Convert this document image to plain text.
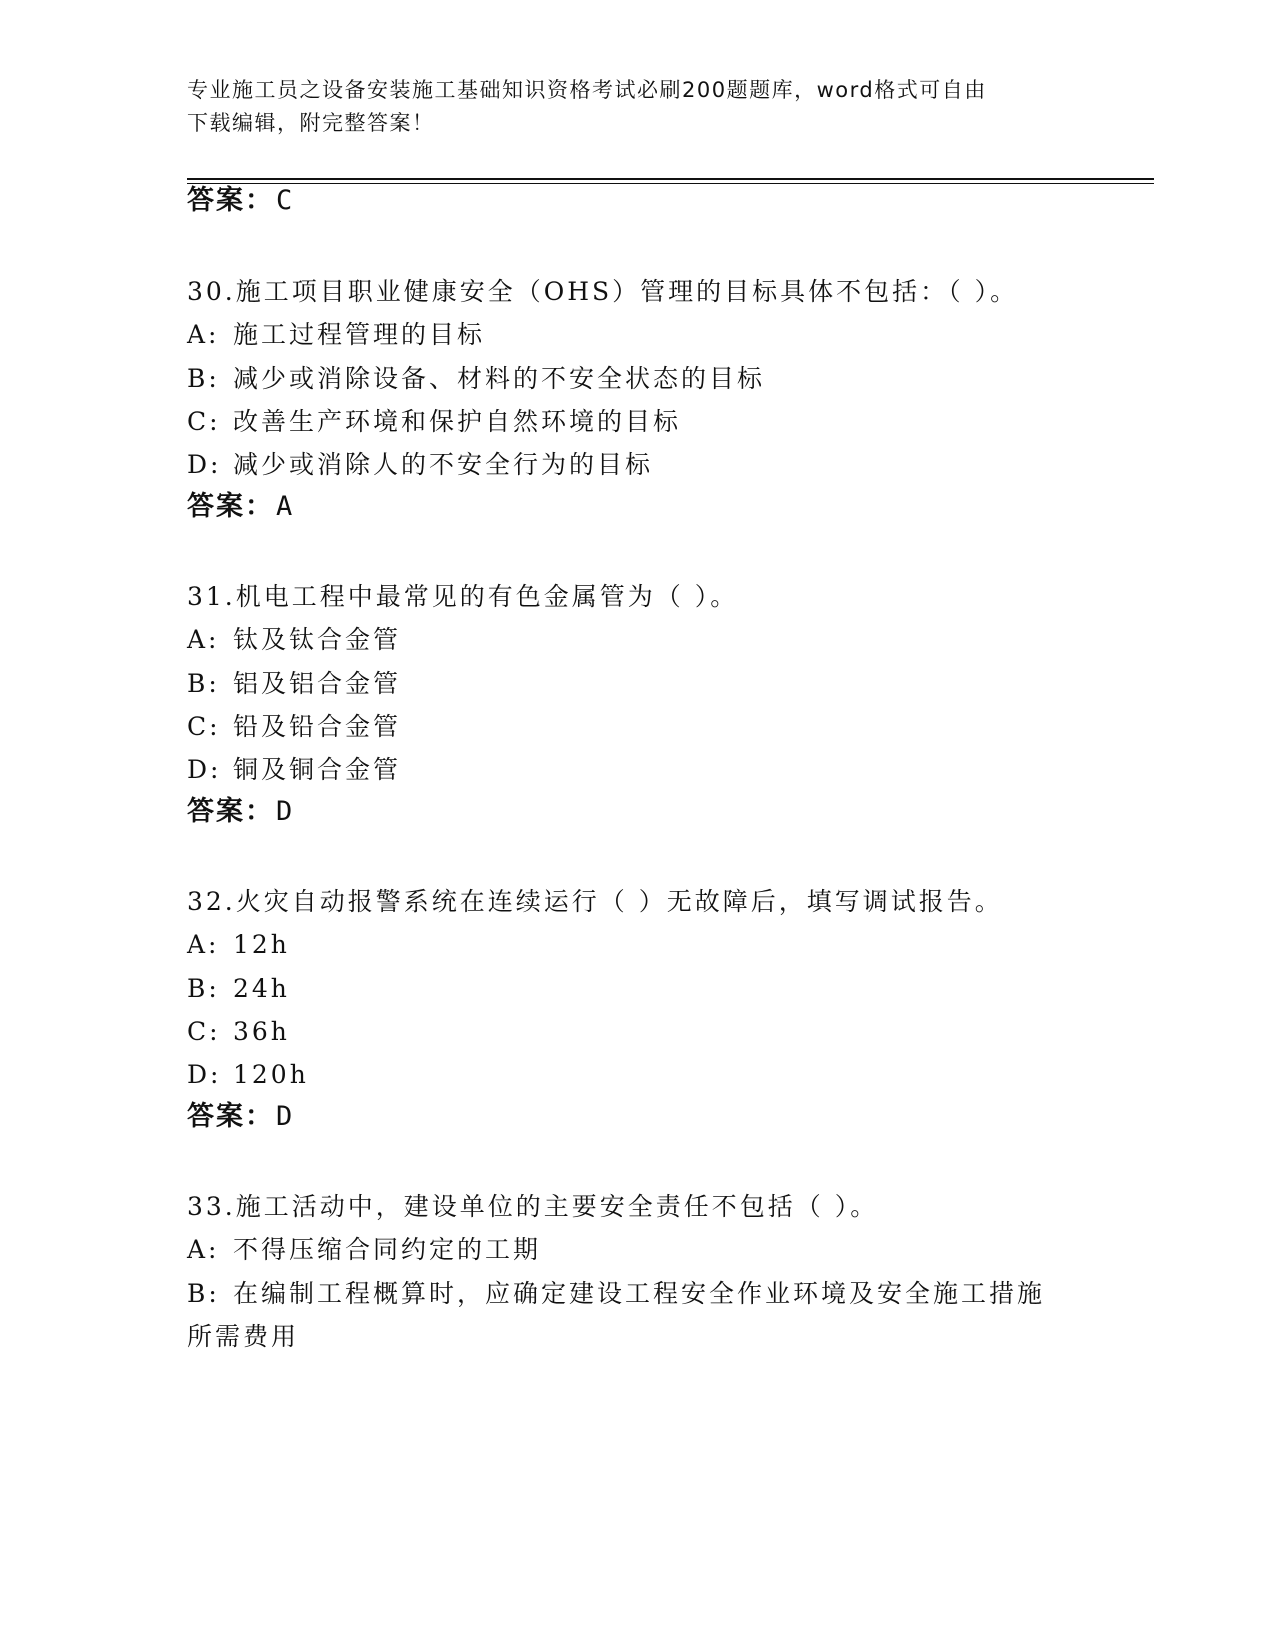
专业施工员之设备安装施工基础知识资格考试必刷200题题库，word格式可自由
下载编辑，附完整答案！
答案：C
30.施工项目职业健康安全（OHS）管理的目标具体不包括：（ ）。
A: 施工过程管理的目标
B: 减少或消除设备、材料的不安全状态的目标
C: 改善生产环境和保护自然环境的目标
D: 减少或消除人的不安全行为的目标
答案：A
31.机电工程中最常见的有色金属管为（ ）。
A: 钛及钛合金管
B: 铝及铝合金管
C: 铅及铅合金管
D: 铜及铜合金管
答案：D
32.火灾自动报警系统在连续运行（ ）无故障后，填写调试报告。
A: 12h
B: 24h
C: 36h
D: 120h
答案：D
33.施工活动中，建设单位的主要安全责任不包括（ ）。
A: 不得压缩合同约定的工期
B: 在编制工程概算时，应确定建设工程安全作业环境及安全施工措施
所需费用
